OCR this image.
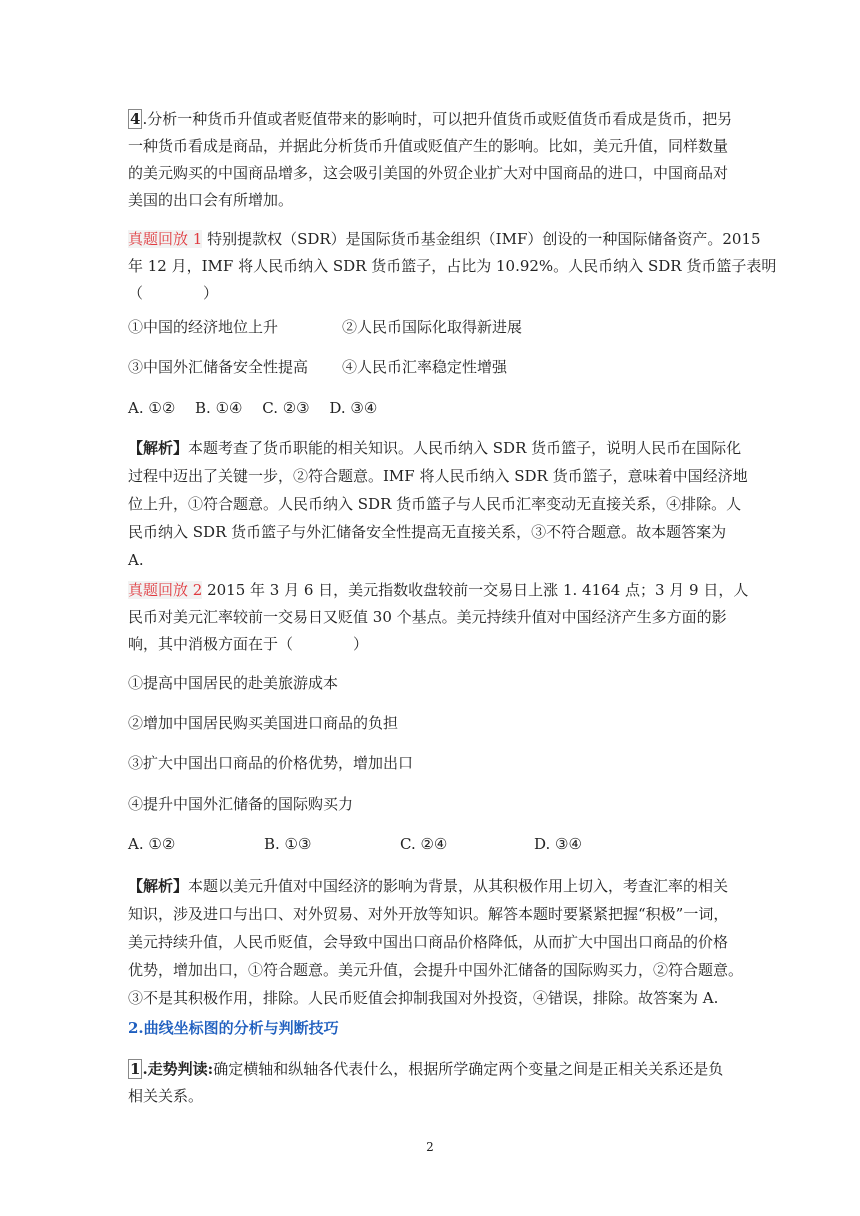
4 .分析一种货币升值或者贬值带来的影响时，可以把升值货币或贬值货币看成是货币，把另
一种货币看成是商品，并据此分析货币升值或贬值产生的影响。比如，美元升值，同样数量
的美元购买的中国商品增多，这会吸引美国的外贸企业扩大对中国商品的进口，中国商品对
美国的出口会有所增加。
真题回放 1 特别提款权（SDR）是国际货币基金组织（IMF）创设的一种国际储备资产。2015
年 12 月，IMF 将人民币纳入 SDR 货币篮子，占比为 10.92%。人民币纳入 SDR 货币篮子表明
（　　　　）
①中国的经济地位上升	②人民币国际化取得新进展
③中国外汇储备安全性提高 ④人民币汇率稳定性增强
A. ①②　 B. ①④　 C. ②③　 D. ③④
【解析】本题考查了货币职能的相关知识。人民币纳入 SDR 货币篮子，说明人民币在国际化
过程中迈出了关键一步，②符合题意。IMF 将人民币纳入 SDR 货币篮子，意味着中国经济地
位上升，①符合题意。人民币纳入 SDR 货币篮子与人民币汇率变动无直接关系，④排除。人
民币纳入 SDR 货币篮子与外汇储备安全性提高无直接关系，③不符合题意。故本题答案为
A.
真题回放 2 2015 年 3 月 6 日，美元指数收盘较前一交易日上涨 1. 4164 点；3 月 9 日，人
民币对美元汇率较前一交易日又贬值 30 个基点。美元持续升值对中国经济产生多方面的影
响，其中消极方面在于（　　　　）
①提高中国居民的赴美旅游成本
②增加中国居民购买美国进口商品的负担
③扩大中国出口商品的价格优势，增加出口
④提升中国外汇储备的国际购买力
A. ①②	B. ①③	C. ②④	D. ③④
【解析】本题以美元升值对中国经济的影响为背景，从其积极作用上切入，考查汇率的相关
知识，涉及进口与出口、对外贸易、对外开放等知识。解答本题时要紧紧把握“积极”一词，
美元持续升值，人民币贬值，会导致中国出口商品价格降低，从而扩大中国出口商品的价格
优势，增加出口，①符合题意。美元升值，会提升中国外汇储备的国际购买力，②符合题意。
③不是其积极作用，排除。人民币贬值会抑制我国对外投资，④错误，排除。故答案为 A.
2.曲线坐标图的分析与判断技巧
1 .走势判读:确定横轴和纵轴各代表什么，根据所学确定两个变量之间是正相关关系还是负
相关关系。
2
